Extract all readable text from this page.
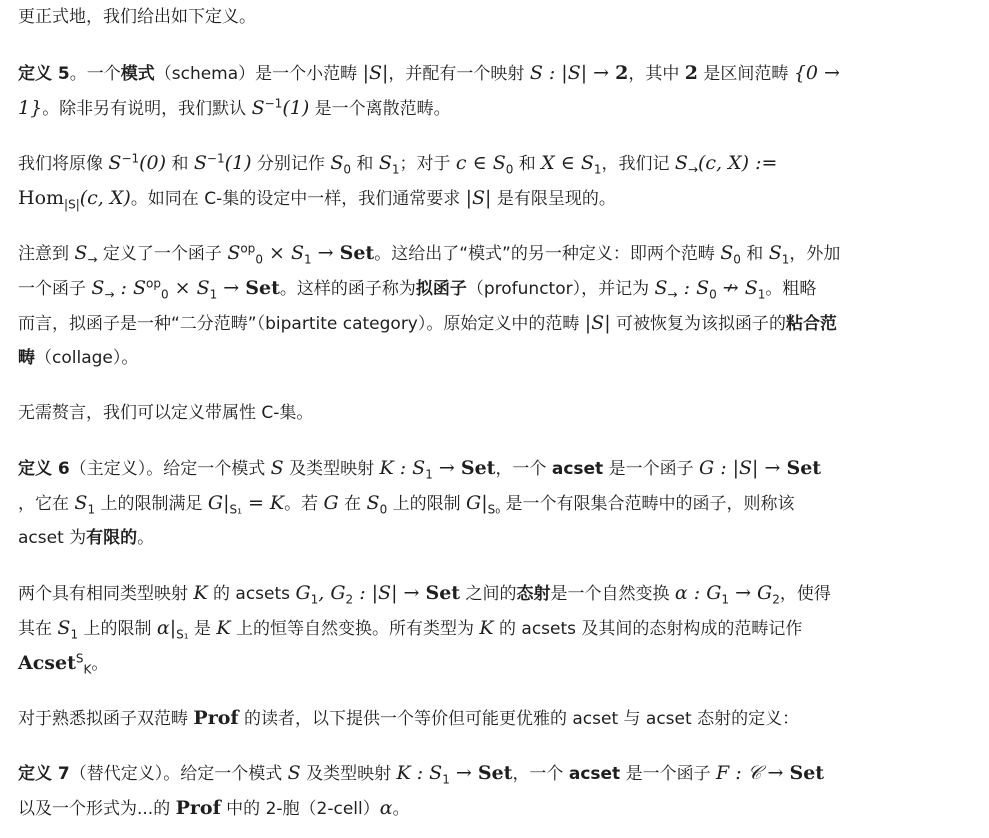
更正式地，我们给出如下定义。
定义 5。一个模式（schema）是一个小范畴 |S|，并配有一个映射 S : |S| → 2，其中 2 是区间范畴 {0 →
1}。除非另有说明，我们默认 $S^{-1}(1)$ 是一个离散范畴。
我们将原像 $S^{-1}(0)$ 和 $S^{-1}(1)$ 分别记作 $S_0$ 和 $S_1$；对于 c ∈ $S_0$ 和 X ∈ $S_1$，我们记 $S_\to(c$, X) :=
Hom$_{|S|}$(c, X)。如同在 C-集的设定中一样，我们通常要求 |S| 是有限呈现的。
注意到 $S_\to$ 定义了一个函子 $S^{op}_0 \times S_1$ → Set。这给出了“模式”的另一种定义：即两个范畴 $S_0$ 和 $S_1$，外加
一个函子 $S_\to$ : $S^{op}_0 \times S_1$ → Set。这样的函子称为拟函子（profunctor），并记为 $S_\to$ : $S_0$ ↛ $S_1$。粗略
而言，拟函子是一种“二分范畴”（bipartite category）。原始定义中的范畴 |S| 可被恢复为该拟函子的粘合范
畴（collage）。
无需赘言，我们可以定义带属性 C-集。
定义 6（主定义）。给定一个模式 S 及类型映射 K : $S_1$ → Set，一个 acset 是一个函子 G : |S| → Set
，它在 $S_1$ 上的限制满足 $G|_{S_1} = K$。若 G 在 $S_0$ 上的限制 $G|_{S_0}$ 是一个有限集合范畴中的函子，则称该
acset 为有限的。
两个具有相同类型映射 K 的 acsets $G_1$, $G_2$ : |S| → Set 之间的态射是一个自然变换 α : $G_1 \to G_2$，使得
其在 $S_1$ 上的限制 $\alpha|_{S_1}$ 是 K 上的恒等自然变换。所有类型为 K 的 acsets 及其间的态射构成的范畴记作
Acset$^S_K$。
对于熟悉拟函子双范畴 Prof 的读者，以下提供一个等价但可能更优雅的 acset 与 acset 态射的定义：
定义 7（替代定义）。给定一个模式 S 及类型映射 K : $S_1$ → Set，一个 acset 是一个函子 F : 𝒞 → Set
以及一个形式为...的 Prof 中的 2-胞（2-cell）α。
